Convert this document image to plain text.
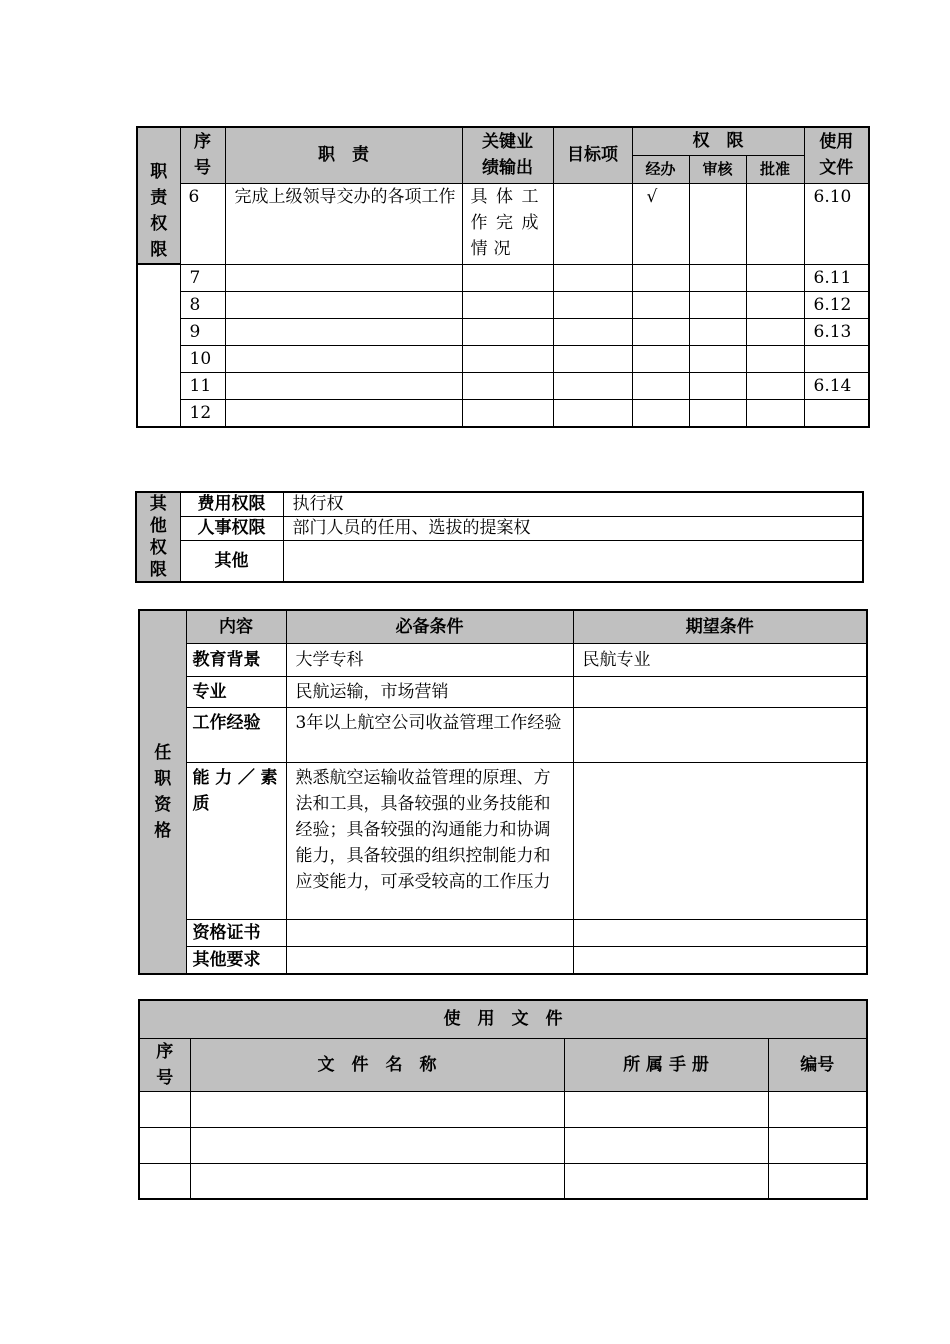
职责权限	序号	职　责	关键业绩输出	目标项	权　限			使用文件
					经办	审核	批准	
	6	完成上级领导交办的各项工作	具体工作完成情况		√			6.10
	7							6.11
	8							6.12
	9							6.13
	10							
	11							6.14
	12							
其他权限	费用权限	执行权
	人事权限	部门人员的任用、选拔的提案权
	其他	
任职资格	内容	必备条件	期望条件
	教育背景	大学专科	民航专业
	专业	民航运输，市场营销	
	工作经验	3年以上航空公司收益管理工作经验	

	能力／素质	熟悉航空运输收益管理的原理、方法和工具，具备较强的业务技能和经验；具备较强的沟通能力和协调能力，具备较强的组织控制能力和应变能力，可承受较高的工作压力	
	资格证书		
	其他要求		
使　用　文　件			
序号	文　件　名　称	所 属 手 册	编号
